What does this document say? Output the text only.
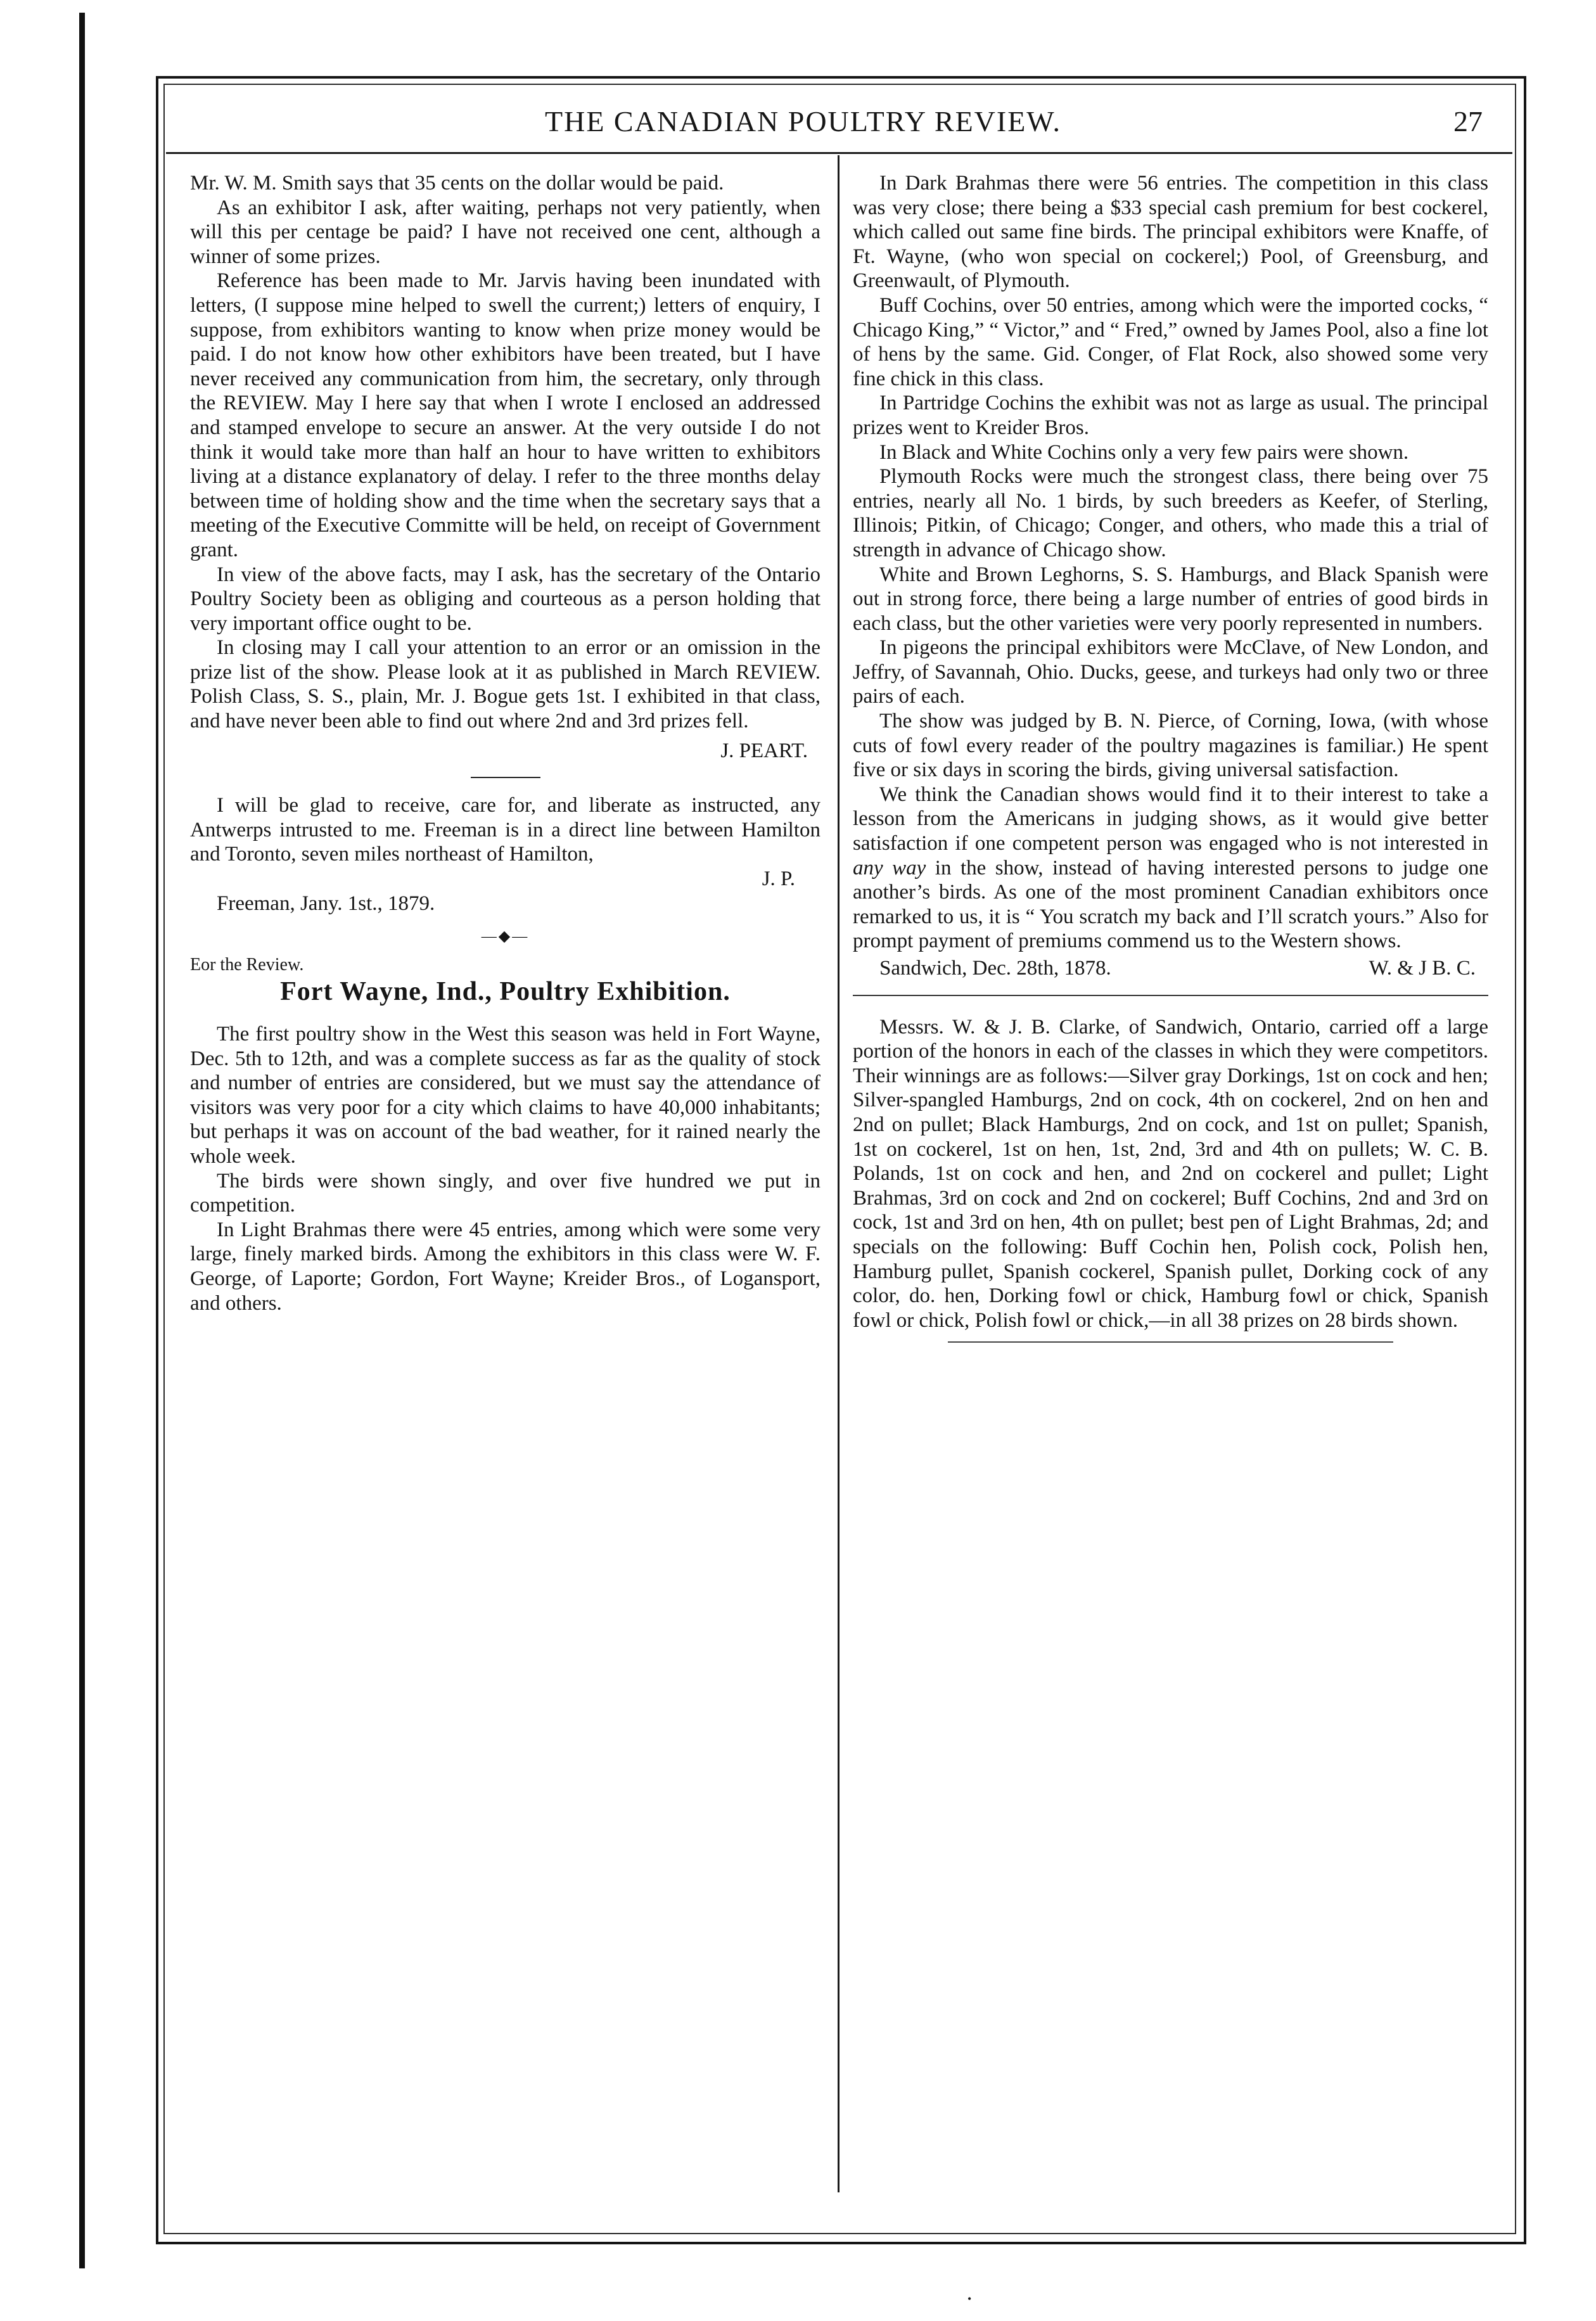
THE CANADIAN POULTRY REVIEW.	27

Mr. W. M. Smith says that 35 cents on the dollar would be paid.

As an exhibitor I ask, after waiting, perhaps not very patiently, when will this per centage be paid? I have not received one cent, although a winner of some prizes.

Reference has been made to Mr. Jarvis having been inundated with letters, (I suppose mine helped to swell the current;) letters of enquiry, I suppose, from exhibitors wanting to know when prize money would be paid. I do not know how other exhibitors have been treated, but I have never received any communication from him, the secretary, only through the REVIEW. May I here say that when I wrote I enclosed an addressed and stamped envelope to secure an answer. At the very outside I do not think it would take more than half an hour to have written to exhibitors living at a distance explanatory of delay. I refer to the three months delay between time of holding show and the time when the secretary says that a meeting of the Executive Committe will be held, on receipt of Government grant.

In view of the above facts, may I ask, has the secretary of the Ontario Poultry Society been as obliging and courteous as a person holding that very important office ought to be.

In closing may I call your attention to an error or an omission in the prize list of the show. Please look at it as published in March REVIEW. Polish Class, S. S., plain, Mr. J. Bogue gets 1st. I exhibited in that class, and have never been able to find out where 2nd and 3rd prizes fell.

J. PEART.

I will be glad to receive, care for, and liberate as instructed, any Antwerps intrusted to me. Freeman is in a direct line between Hamilton and Toronto, seven miles northeast of Hamilton,

J. P.

Freeman, Jany. 1st., 1879.

—◆—

Eor the Review.

Fort Wayne, Ind., Poultry Exhibition.

The first poultry show in the West this season was held in Fort Wayne, Dec. 5th to 12th, and was a complete success as far as the quality of stock and number of entries are considered, but we must say the attendance of visitors was very poor for a city which claims to have 40,000 inhabitants; but perhaps it was on account of the bad weather, for it rained nearly the whole week.

The birds were shown singly, and over five hundred we put in competition.

In Light Brahmas there were 45 entries, among which were some very large, finely marked birds. Among the exhibitors in this class were W. F. George, of Laporte; Gordon, Fort Wayne; Kreider Bros., of Logansport, and others.

In Dark Brahmas there were 56 entries. The competition in this class was very close; there being a $33 special cash premium for best cockerel, which called out same fine birds. The principal exhibitors were Knaffe, of Ft. Wayne, (who won special on cockerel;) Pool, of Greensburg, and Greenwault, of Plymouth.

Buff Cochins, over 50 entries, among which were the imported cocks, “ Chicago King,” “ Victor,” and “ Fred,” owned by James Pool, also a fine lot of hens by the same. Gid. Conger, of Flat Rock, also showed some very fine chick in this class.

In Partridge Cochins the exhibit was not as large as usual. The principal prizes went to Kreider Bros.

In Black and White Cochins only a very few pairs were shown.

Plymouth Rocks were much the strongest class, there being over 75 entries, nearly all No. 1 birds, by such breeders as Keefer, of Sterling, Illinois; Pitkin, of Chicago; Conger, and others, who made this a trial of strength in advance of Chicago show.

White and Brown Leghorns, S. S. Hamburgs, and Black Spanish were out in strong force, there being a large number of entries of good birds in each class, but the other varieties were very poorly represented in numbers.

In pigeons the principal exhibitors were McClave, of New London, and Jeffry, of Savannah, Ohio. Ducks, geese, and turkeys had only two or three pairs of each.

The show was judged by B. N. Pierce, of Corning, Iowa, (with whose cuts of fowl every reader of the poultry magazines is familiar.) He spent five or six days in scoring the birds, giving universal satisfaction.

We think the Canadian shows would find it to their interest to take a lesson from the Americans in judging shows, as it would give better satisfaction if one competent person was engaged who is not interested in any way in the show, instead of having interested persons to judge one another’s birds. As one of the most prominent Canadian exhibitors once remarked to us, it is “ You scratch my back and I’ll scratch yours.” Also for prompt payment of premiums commend us to the Western shows.

Sandwich, Dec. 28th, 1878.	W. & J B. C.

Messrs. W. & J. B. Clarke, of Sandwich, Ontario, carried off a large portion of the honors in each of the classes in which they were competitors. Their winnings are as follows:—Silver gray Dorkings, 1st on cock and hen; Silver-spangled Hamburgs, 2nd on cock, 4th on cockerel, 2nd on hen and 2nd on pullet; Black Hamburgs, 2nd on cock, and 1st on pullet; Spanish, 1st on cockerel, 1st on hen, 1st, 2nd, 3rd and 4th on pullets; W. C. B. Polands, 1st on cock and hen, and 2nd on cockerel and pullet; Light Brahmas, 3rd on cock and 2nd on cockerel; Buff Cochins, 2nd and 3rd on cock, 1st and 3rd on hen, 4th on pullet; best pen of Light Brahmas, 2d; and specials on the following: Buff Cochin hen, Polish cock, Polish hen, Hamburg pullet, Spanish cockerel, Spanish pullet, Dorking cock of any color, do. hen, Dorking fowl or chick, Hamburg fowl or chick, Spanish fowl or chick, Polish fowl or chick,—in all 38 prizes on 28 birds shown.

•
